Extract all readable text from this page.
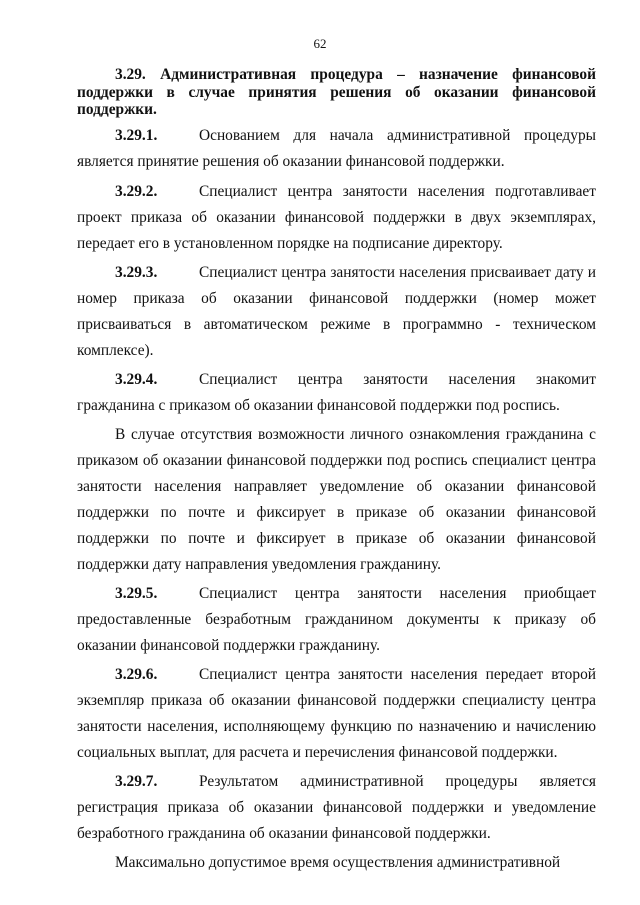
62

3.29. Административная процедура – назначение финансовой поддержки в случае принятия решения об оказании финансовой поддержки.

3.29.1.	Основанием для начала административной процедуры является принятие решения об оказании финансовой поддержки.

3.29.2.	Специалист центра занятости населения подготавливает проект приказа об оказании финансовой поддержки в двух экземплярах, передает его в установленном порядке на подписание директору.

3.29.3.	Специалист центра занятости населения присваивает дату и номер приказа об оказании финансовой поддержки (номер может присваиваться в автоматическом режиме в программно - техническом комплексе).

3.29.4.	Специалист центра занятости населения знакомит гражданина с приказом об оказании финансовой поддержки под роспись.

В случае отсутствия возможности личного ознакомления гражданина с приказом об оказании финансовой поддержки под роспись специалист центра занятости населения направляет уведомление об оказании финансовой поддержки по почте и фиксирует в приказе об оказании финансовой поддержки по почте и фиксирует в приказе об оказании финансовой поддержки дату направления уведомления гражданину.

3.29.5.	Специалист центра занятости населения приобщает предоставленные безработным гражданином документы к приказу об оказании финансовой поддержки гражданину.

3.29.6.	Специалист центра занятости населения передает второй экземпляр приказа об оказании финансовой поддержки специалисту центра занятости населения, исполняющему функцию по назначению и начислению социальных выплат, для расчета и перечисления финансовой поддержки.

3.29.7.	Результатом административной процедуры является регистрация приказа об оказании финансовой поддержки и уведомление безработного гражданина об оказании финансовой поддержки.

Максимально допустимое время осуществления административной
